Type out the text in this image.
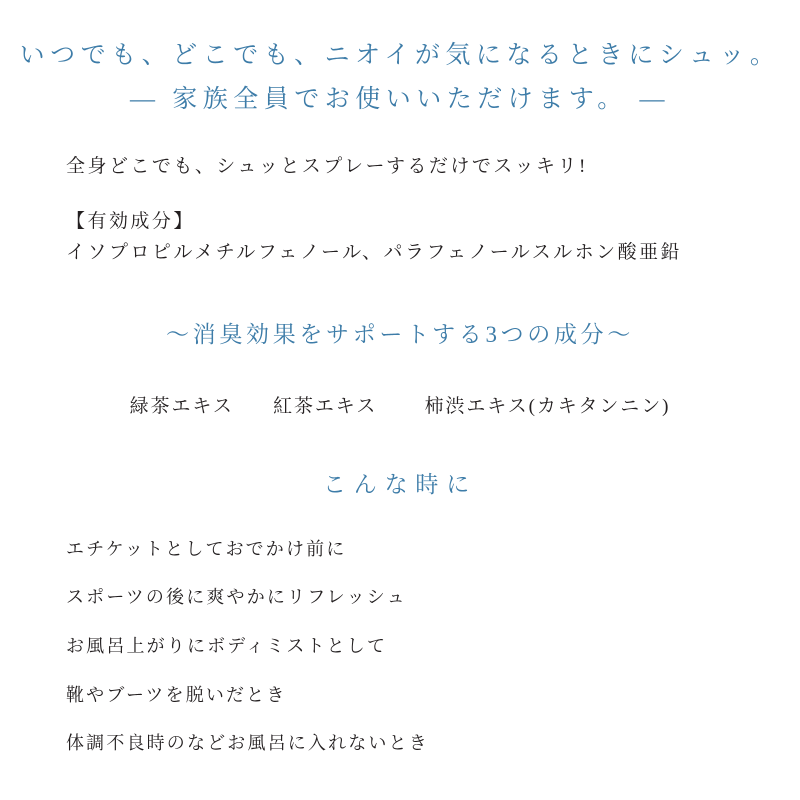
いつでも、どこでも、ニオイが気になるときにシュッ。
― 家族全員でお使いいただけます。 ―
全身どこでも、シュッとスプレーするだけでスッキリ!
【有効成分】
イソプロピルメチルフェノール、パラフェノールスルホン酸亜鉛
〜消臭効果をサポートする3つの成分〜
緑茶エキス 紅茶エキス 柿渋エキス(カキタンニン)
こんな時に
エチケットとしておでかけ前に
スポーツの後に爽やかにリフレッシュ
お風呂上がりにボディミストとして
靴やブーツを脱いだとき
体調不良時のなどお風呂に入れないとき
